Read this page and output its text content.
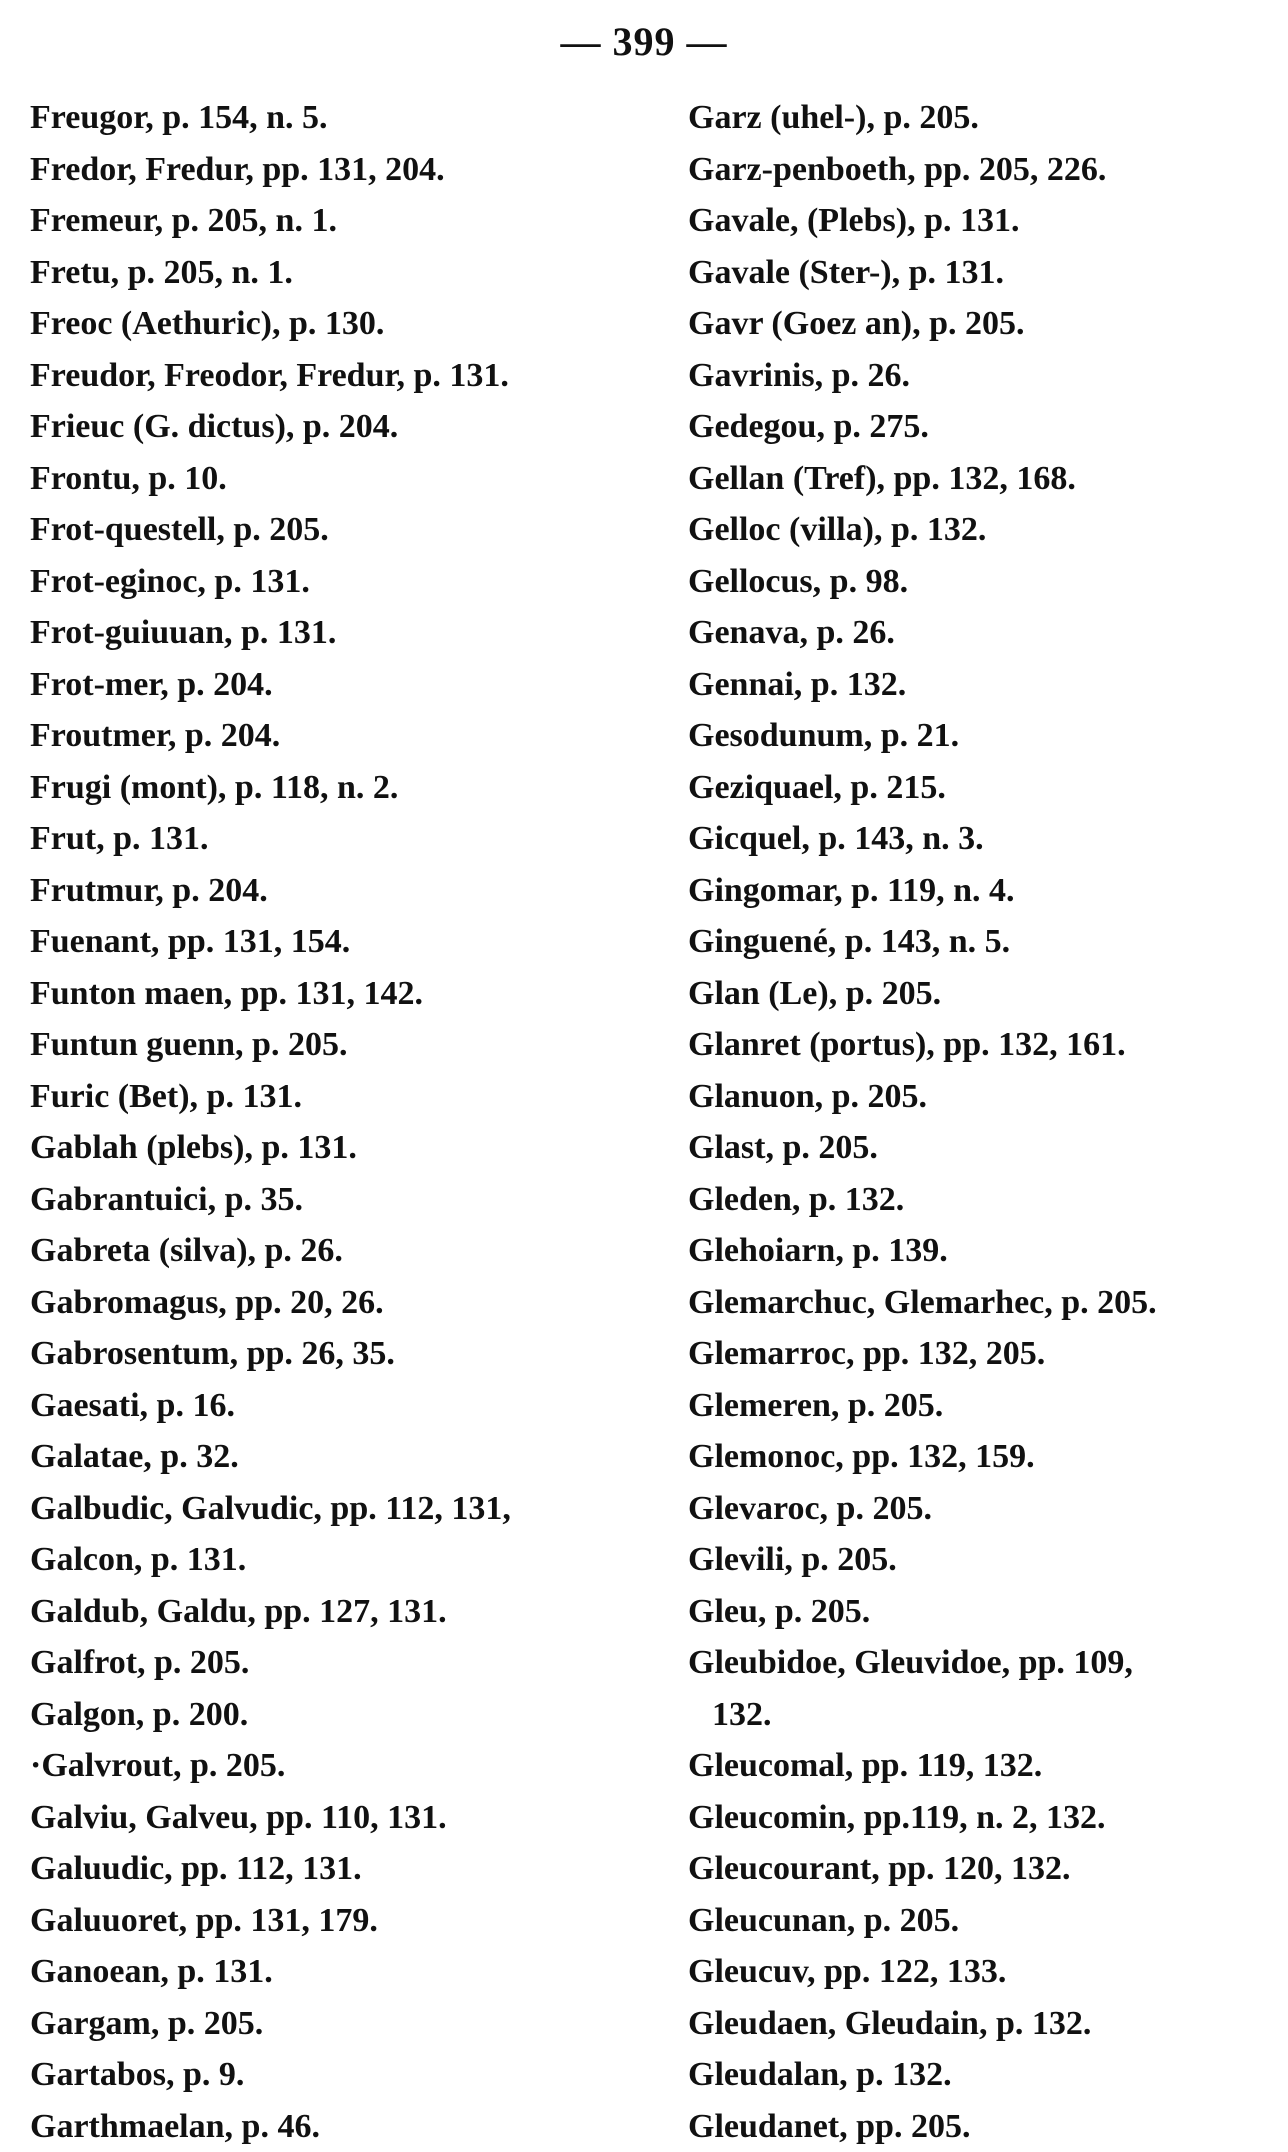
— 399 —
Freugor, p. 154, n. 5.
Fredor, Fredur, pp. 131, 204.
Fremeur, p. 205, n. 1.
Fretu, p. 205, n. 1.
Freoc (Aethuric), p. 130.
Freudor, Freodor, Fredur, p. 131.
Frieuc (G. dictus), p. 204.
Frontu, p. 10.
Frot-questell, p. 205.
Frot-eginoc, p. 131.
Frot-guiuuan, p. 131.
Frot-mer, p. 204.
Froutmer, p. 204.
Frugi (mont), p. 118, n. 2.
Frut, p. 131.
Frutmur, p. 204.
Fuenant, pp. 131, 154.
Funton maen, pp. 131, 142.
Funtun guenn, p. 205.
Furic (Bet), p. 131.
Gablah (plebs), p. 131.
Gabrantuici, p. 35.
Gabreta (silva), p. 26.
Gabromagus, pp. 20, 26.
Gabrosentum, pp. 26, 35.
Gaesati, p. 16.
Galatae, p. 32.
Galbudic, Galvudic, pp. 112, 131,
Galcon, p. 131.
Galdub, Galdu, pp. 127, 131.
Galfrot, p. 205.
Galgon, p. 200.
·Galvrout, p. 205.
Galviu, Galveu, pp. 110, 131.
Galuudic, pp. 112, 131.
Galuuoret, pp. 131, 179.
Ganoean, p. 131.
Gargam, p. 205.
Gartabos, p. 9.
Garthmaelan, p. 46.
Garz (uhel-), p. 205.
Garz-penboeth, pp. 205, 226.
Gavale, (Plebs), p. 131.
Gavale (Ster-), p. 131.
Gavr (Goez an), p. 205.
Gavrinis, p. 26.
Gedegou, p. 275.
Gellan (Tref), pp. 132, 168.
Gelloc (villa), p. 132.
Gellocus, p. 98.
Genava, p. 26.
Gennai, p. 132.
Gesodunum, p. 21.
Geziquael, p. 215.
Gicquel, p. 143, n. 3.
Gingomar, p. 119, n. 4.
Ginguené, p. 143, n. 5.
Glan (Le), p. 205.
Glanret (portus), pp. 132, 161.
Glanuon, p. 205.
Glast, p. 205.
Gleden, p. 132.
Glehoiarn, p. 139.
Glemarchuc, Glemarhec, p. 205.
Glemarroc, pp. 132, 205.
Glemeren, p. 205.
Glemonoc, pp. 132, 159.
Glevaroc, p. 205.
Glevili, p. 205.
Gleu, p. 205.
Gleubidoe, Gleuvidoe, pp. 109,
132.
Gleucomal, pp. 119, 132.
Gleucomin, pp.119, n. 2, 132.
Gleucourant, pp. 120, 132.
Gleucunan, p. 205.
Gleucuv, pp. 122, 133.
Gleudaen, Gleudain, p. 132.
Gleudalan, p. 132.
Gleudanet, pp. 205.
